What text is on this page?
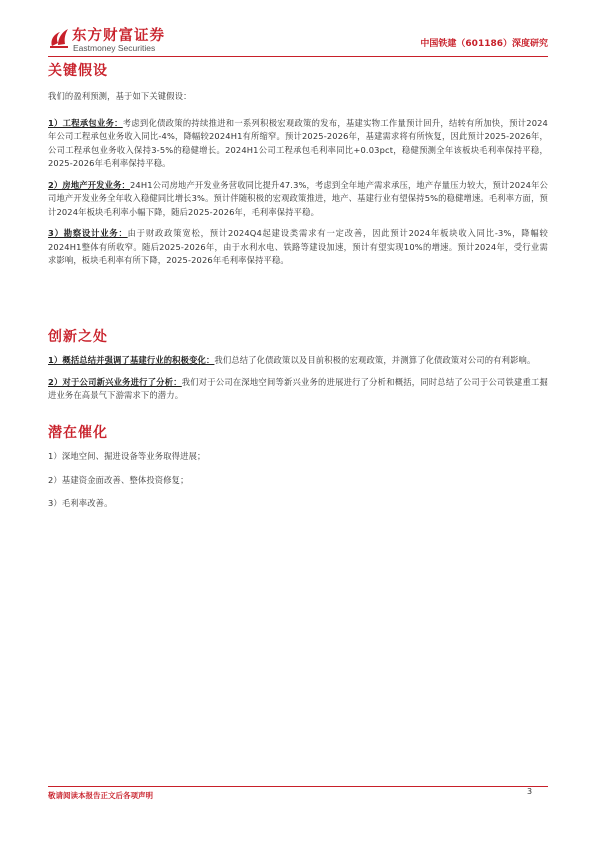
东方财富证券
Eastmoney Securities	中国铁建（601186）深度研究
关键假设

我们的盈利预测，基于如下关键假设：

1）工程承包业务：考虑到化债政策的持续推进和一系列积极宏观政策的发布，基建实物工作量预计回升，结转有所加快，预计2024年公司工程承包业务收入同比-4%，降幅较2024H1有所缩窄。预计2025-2026年，基建需求将有所恢复，因此预计2025-2026年，公司工程承包业务收入保持3-5%的稳健增长。2024H1公司工程承包毛利率同比+0.03pct，稳健预测全年该板块毛利率保持平稳，2025-2026年毛利率保持平稳。

2）房地产开发业务：24H1公司房地产开发业务营收同比提升47.3%，考虑到全年地产需求承压，地产存量压力较大，预计2024年公司地产开发业务全年收入稳健同比增长3%。预计伴随积极的宏观政策推进，地产、基建行业有望保持5%的稳健增速。毛利率方面，预计2024年板块毛利率小幅下降，随后2025-2026年，毛利率保持平稳。

3）勘察设计业务：由于财政政策宽松，预计2024Q4起建设类需求有一定改善，因此预计2024年板块收入同比-3%，降幅较2024H1整体有所收窄。随后2025-2026年，由于水利水电、铁路等建设加速，预计有望实现10%的增速。预计2024年，受行业需求影响，板块毛利率有所下降，2025-2026年毛利率保持平稳。

创新之处

1）概括总结并强调了基建行业的积极变化：我们总结了化债政策以及目前积极的宏观政策，并测算了化债政策对公司的有利影响。

2）对于公司新兴业务进行了分析：我们对于公司在深地空间等新兴业务的进展进行了分析和概括，同时总结了公司于公司铁建重工掘进业务在高景气下游需求下的潜力。

潜在催化

1）深地空间、掘进设备等业务取得进展；

2）基建资金面改善、整体投资修复；

3）毛利率改善。

敬请阅读本报告正文后各项声明	3
